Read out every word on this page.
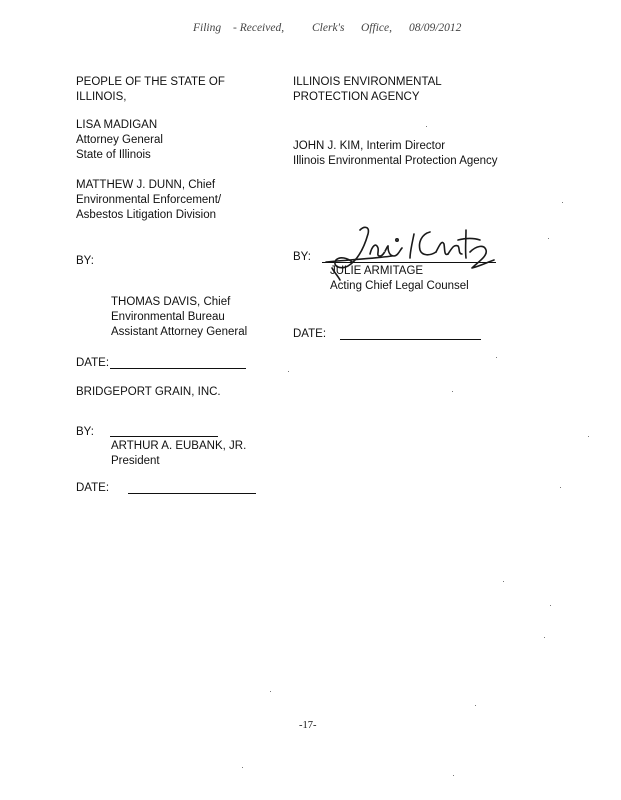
Filing - Received, Clerk's Office, 08/09/2012
PEOPLE OF THE STATE OF
ILLINOIS,
LISA MADIGAN
Attorney General
State of Illinois
MATTHEW J. DUNN, Chief
Environmental Enforcement/
Asbestos Litigation Division
BY:
THOMAS DAVIS, Chief
Environmental Bureau
Assistant Attorney General
DATE:
BRIDGEPORT GRAIN, INC.
BY:
ARTHUR A. EUBANK, JR.
President
DATE:
ILLINOIS ENVIRONMENTAL
PROTECTION AGENCY
JOHN J. KIM, Interim Director
Illinois Environmental Protection Agency
BY:
JULIE ARMITAGE
Acting Chief Legal Counsel
DATE:
-17-
